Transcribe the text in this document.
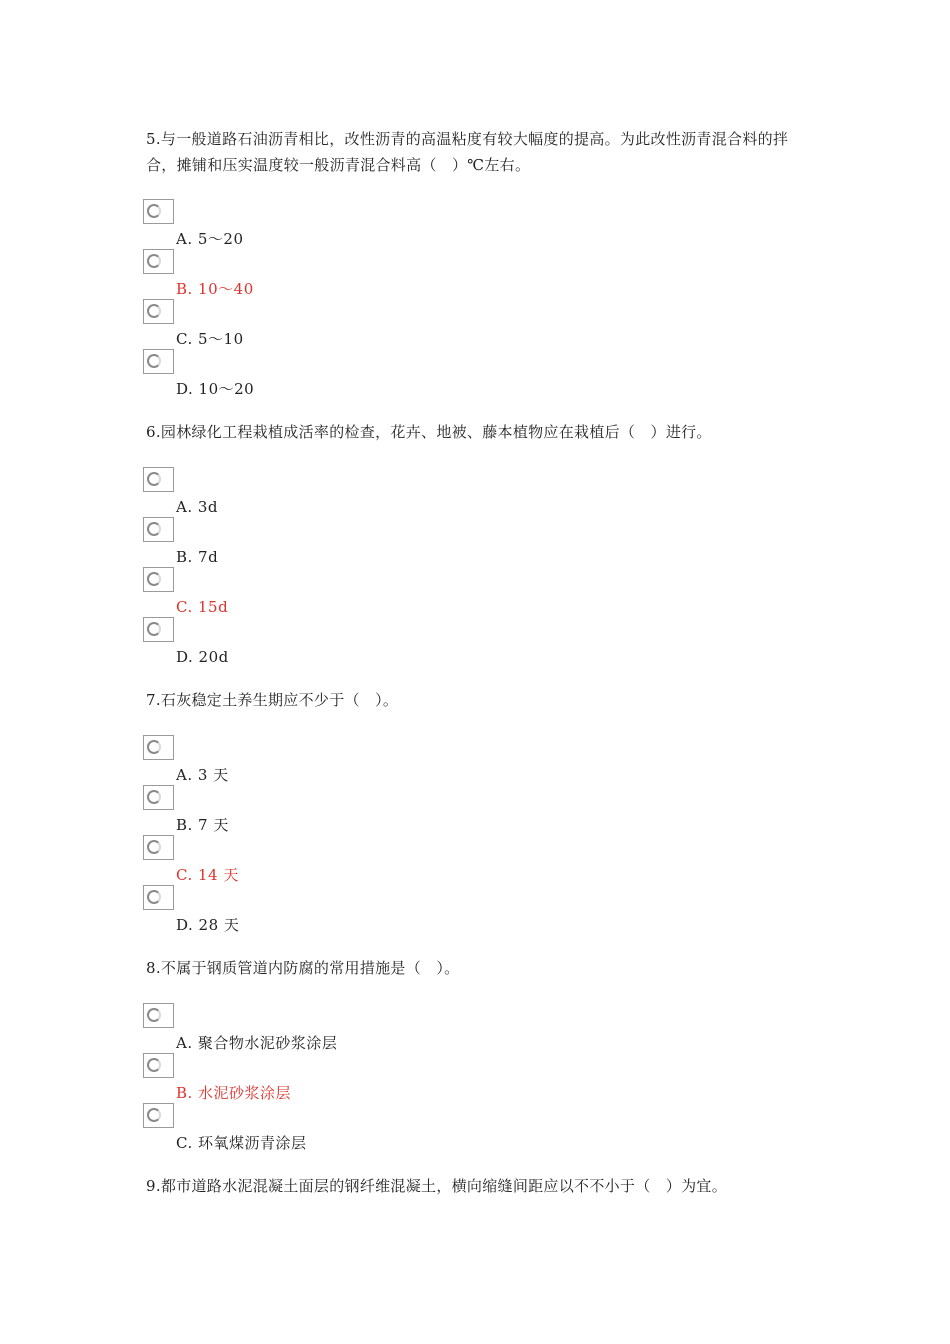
5.与一般道路石油沥青相比，改性沥青的高温粘度有较大幅度的提高。为此改性沥青混合料的拌合，摊铺和压实温度较一般沥青混合料高（　）℃左右。
A. 5～20
B. 10～40
C. 5～10
D. 10～20
6.园林绿化工程栽植成活率的检查，花卉、地被、藤本植物应在栽植后（　）进行。
A. 3d
B. 7d
C. 15d
D. 20d
7.石灰稳定土养生期应不少于（　）。
A. 3 天
B. 7 天
C. 14 天
D. 28 天
8.不属于钢质管道内防腐的常用措施是（　）。
A. 聚合物水泥砂浆涂层
B. 水泥砂浆涂层
C. 环氧煤沥青涂层
9.都市道路水泥混凝土面层的钢纤维混凝土，横向缩缝间距应以不不小于（　）为宜。
